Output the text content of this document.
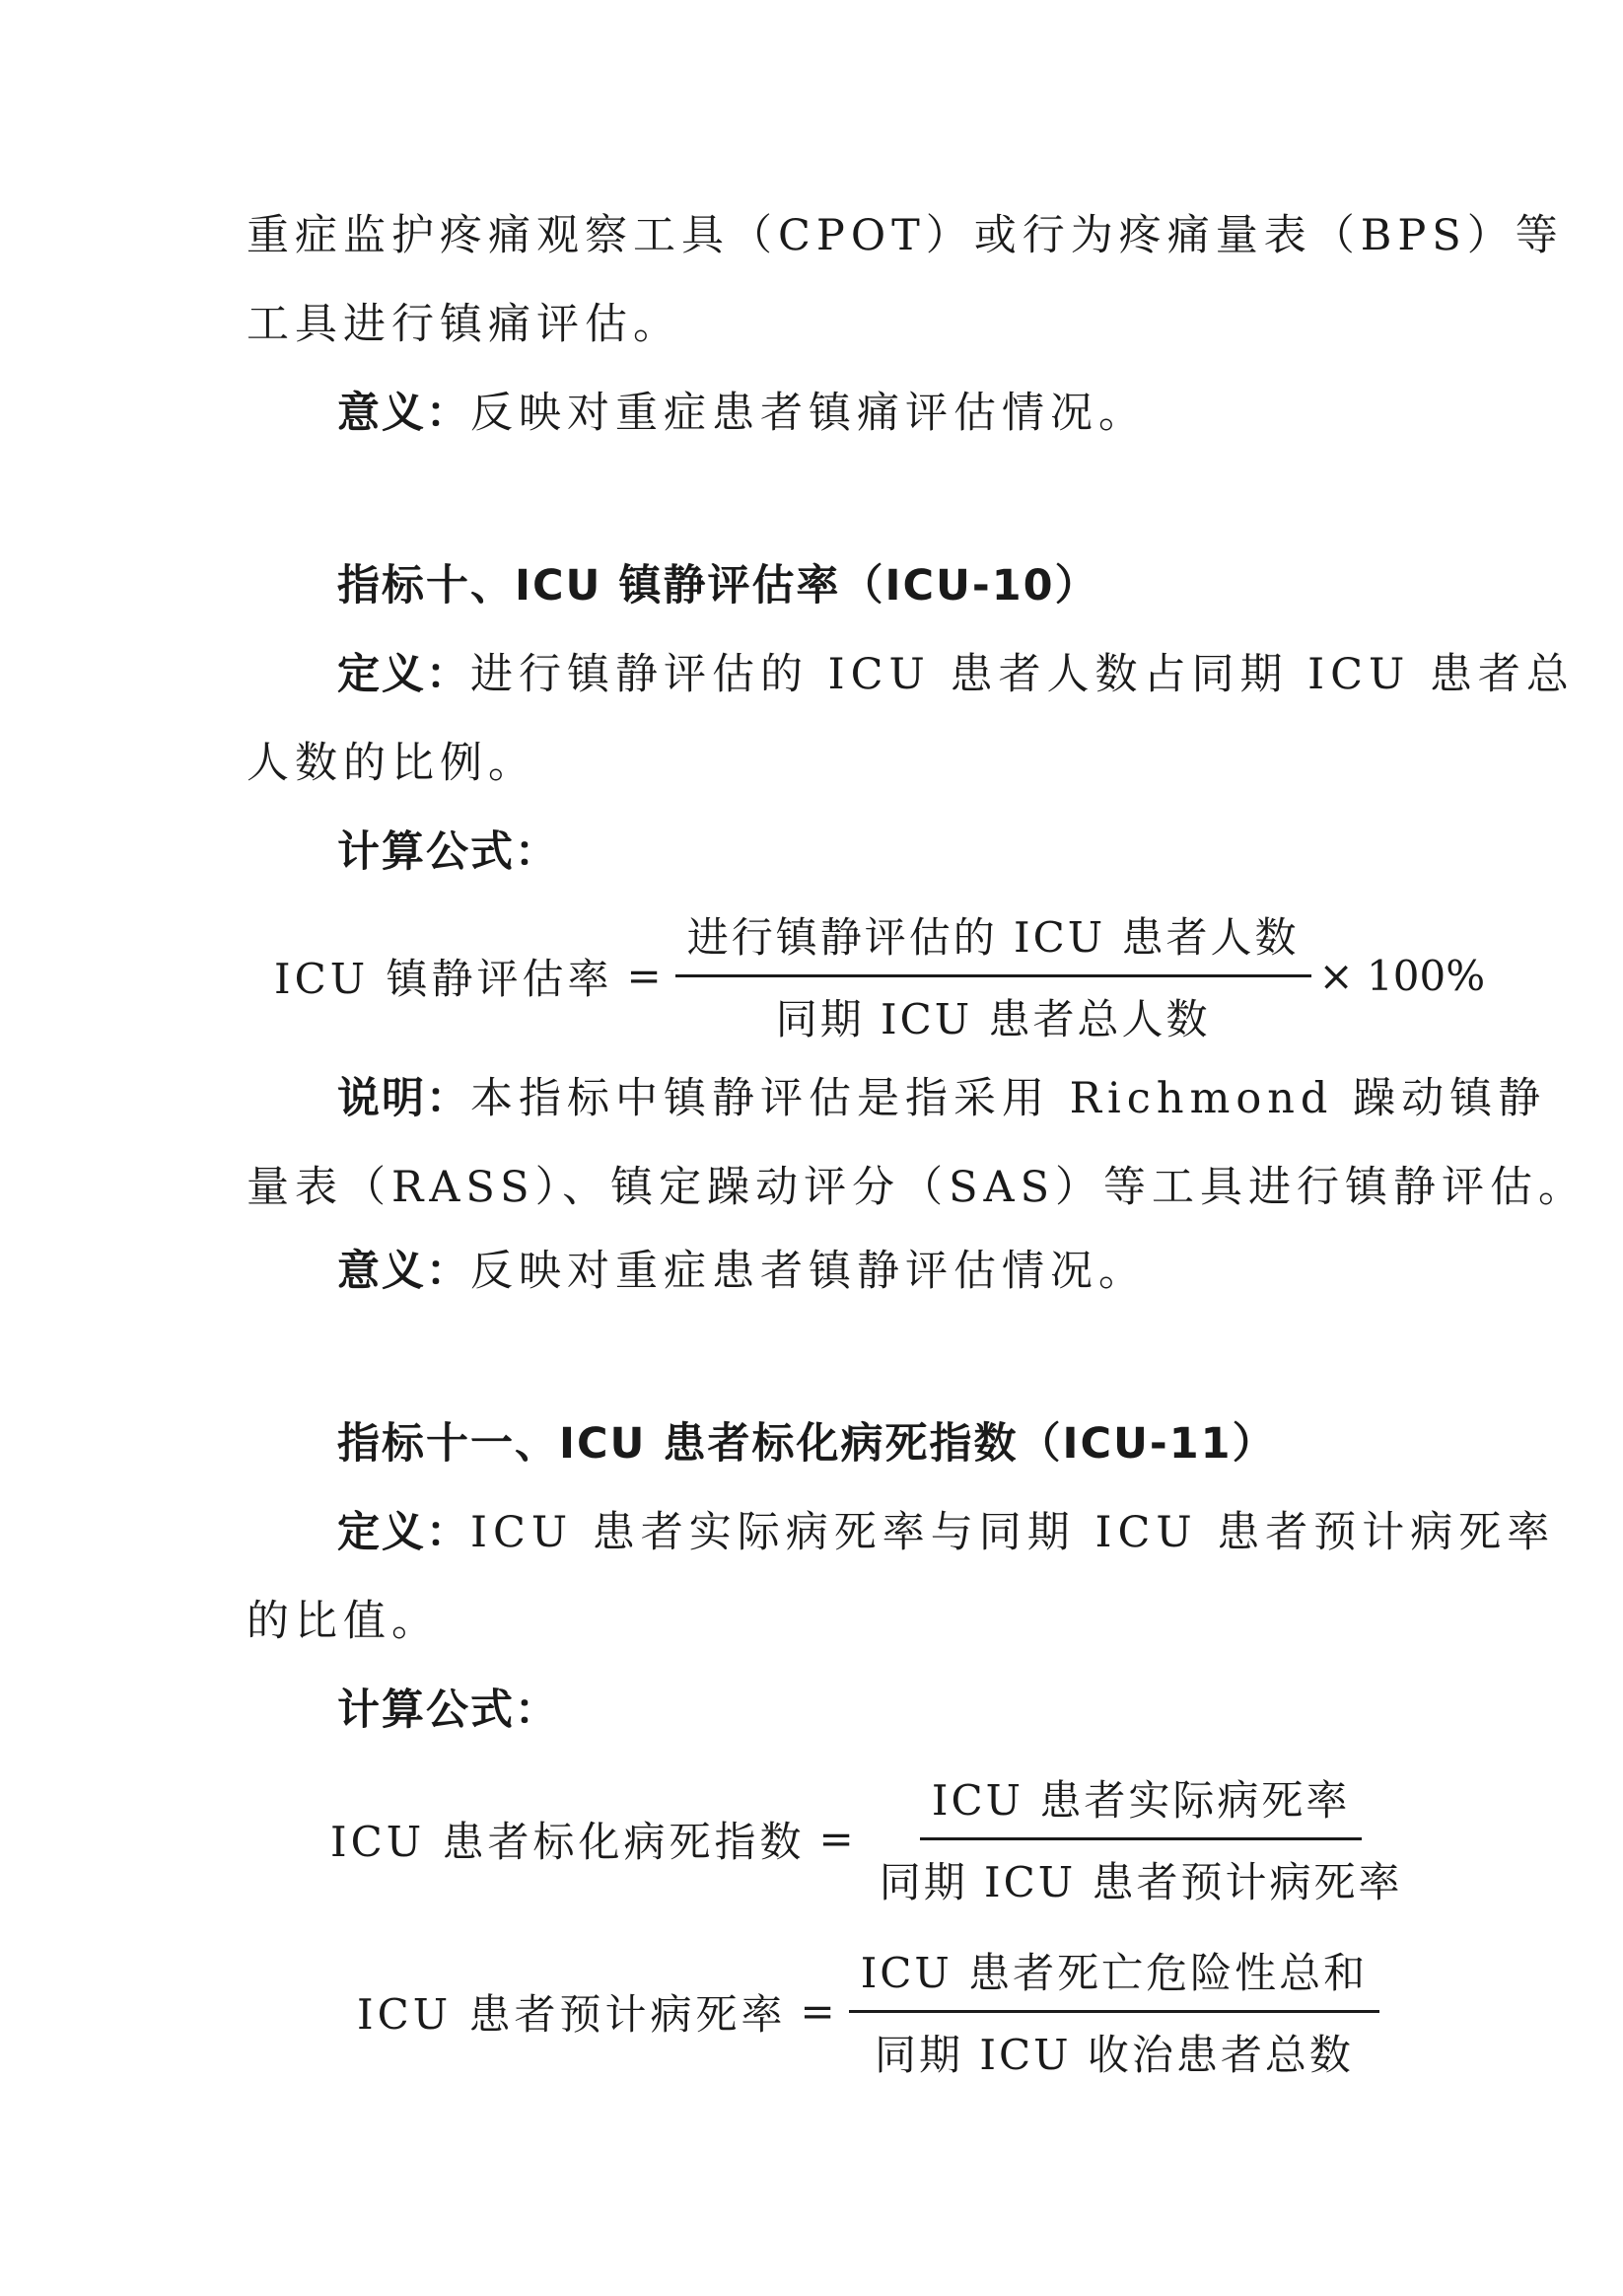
重症监护疼痛观察工具（CPOT）或行为疼痛量表（BPS）等
工具进行镇痛评估。
意义：反映对重症患者镇痛评估情况。
指标十、ICU 镇静评估率（ICU-10）
定义：进行镇静评估的 ICU 患者人数占同期 ICU 患者总
人数的比例。
计算公式：
ICU 镇静评估率 = $\frac{\text{进行镇静评估的 ICU 患者人数}}{\text{同期 ICU 患者总人数}} \times 100\%$
说明：本指标中镇静评估是指采用 Richmond 躁动镇静
量表（RASS）、镇定躁动评分（SAS）等工具进行镇静评估。
意义：反映对重症患者镇静评估情况。
指标十一、ICU 患者标化病死指数（ICU-11）
定义：ICU 患者实际病死率与同期 ICU 患者预计病死率
的比值。
计算公式：
ICU 患者标化病死指数 = $\frac{\text{ICU 患者实际病死率}}{\text{同期 ICU 患者预计病死率}}$
ICU 患者预计病死率 = $\frac{\text{ICU 患者死亡危险性总和}}{\text{同期 ICU 收治患者总数}}$
